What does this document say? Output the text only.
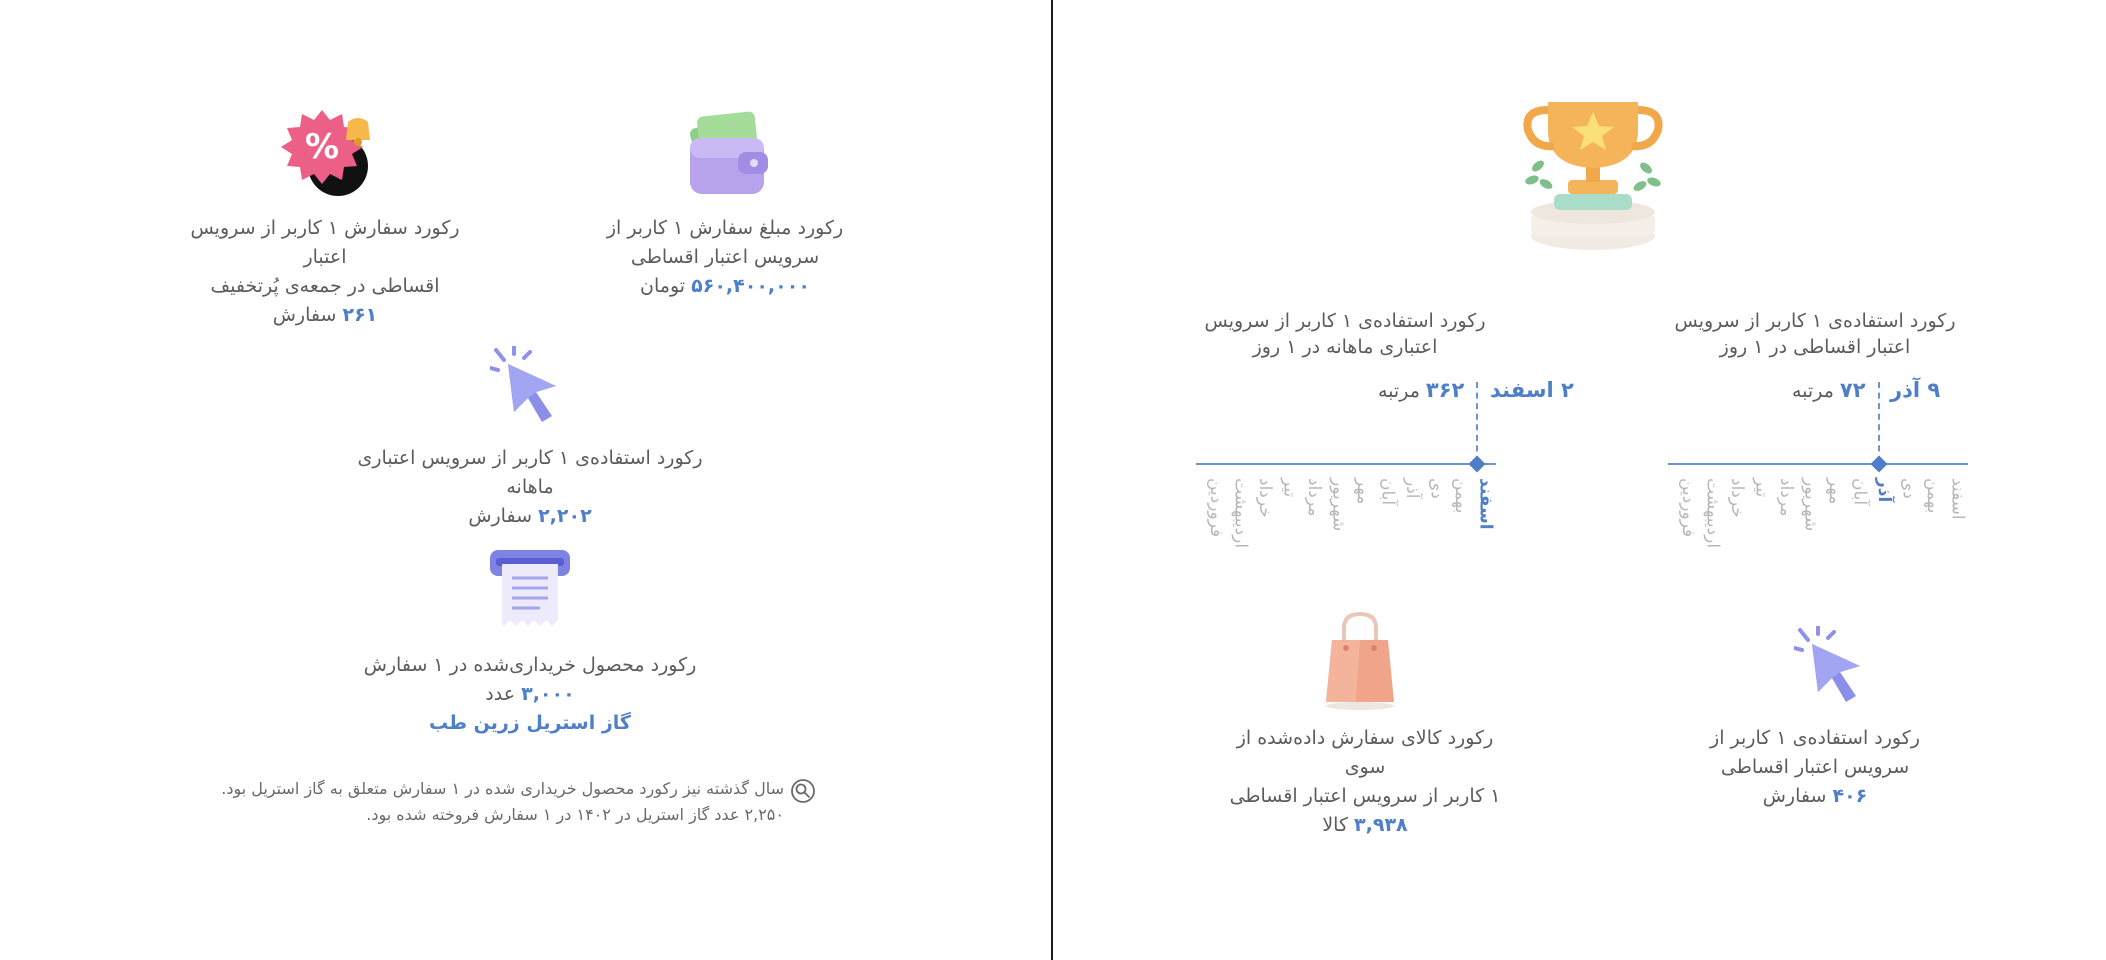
رکورد مبلغ سفارش ۱ کاربر از
سرویس اعتبار اقساطی
۵۶۰,۴۰۰,۰۰۰ تومان
%
رکورد سفارش ۱ کاربر از سرویس اعتبار
اقساطی در جمعه‌ی پُرتخفیف
۲۶۱ سفارش
رکورد استفاده‌ی ۱ کاربر از سرویس اعتباری ماهانه
۲,۲۰۲ سفارش
رکورد محصول خریداری‌شده در ۱ سفارش
۳,۰۰۰ عدد
گاز استریل زرین طب
سال گذشته نیز رکورد محصول خریداری شده در ۱ سفارش متعلق به گاز استریل بود.
۲,۲۵۰ عدد گاز استریل در ۱۴۰۲ در ۱ سفارش فروخته شده بود.
رکورد استفاده‌ی ۱ کاربر از سرویس
اعتباری ماهانه در ۱ روز
۲ اسفند
۳۶۲ مرتبه
فروردین اردیبهشت خرداد تیر مرداد شهریور مهر آبان آذر دی بهمن اسفند
رکورد استفاده‌ی ۱ کاربر از سرویس
اعتبار اقساطی در ۱ روز
۹ آذر
۷۲ مرتبه
فروردین اردیبهشت خرداد تیر مرداد شهریور مهر آبان آذر دی بهمن اسفند
رکورد کالای سفارش داده‌شده از سوی
۱ کاربر از سرویس اعتبار اقساطی
۳,۹۳۸ کالا
رکورد استفاده‌ی ۱ کاربر از
سرویس اعتبار اقساطی
۴۰۶ سفارش
